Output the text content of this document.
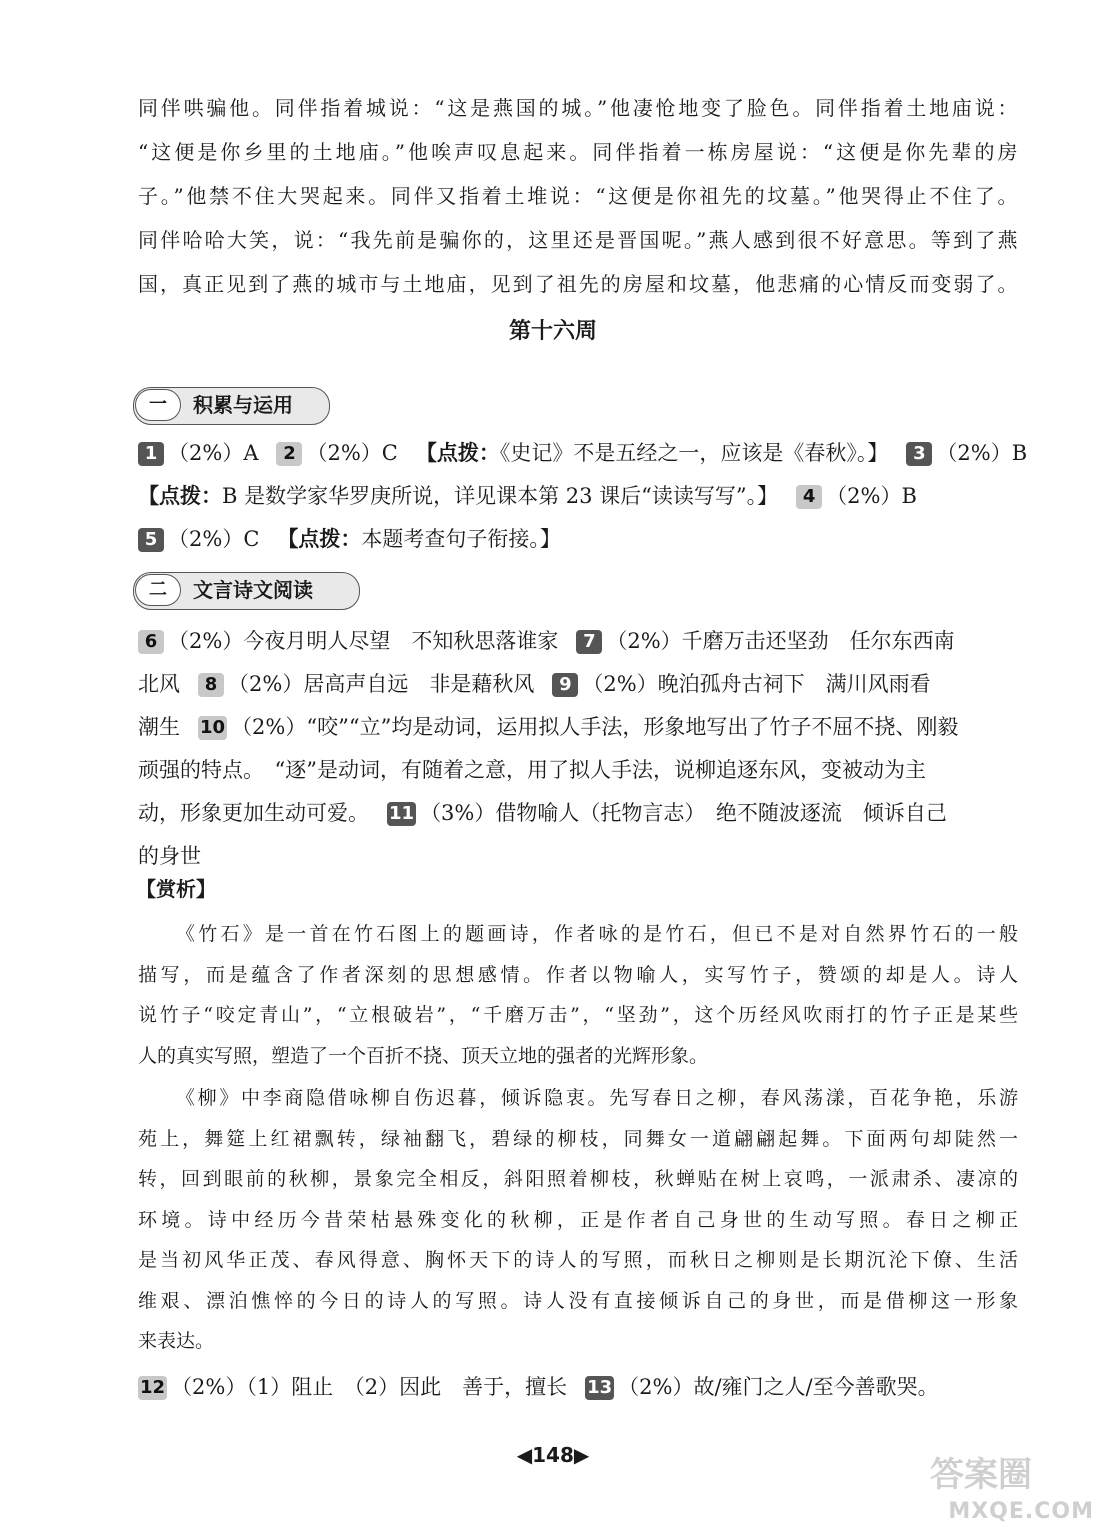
同伴哄骗他。同伴指着城说：“这是燕国的城。”他凄怆地变了脸色。同伴指着土地庙说：
“这便是你乡里的土地庙。”他唉声叹息起来。同伴指着一栋房屋说：“这便是你先辈的房
子。”他禁不住大哭起来。同伴又指着土堆说：“这便是你祖先的坟墓。”他哭得止不住了。
同伴哈哈大笑，说：“我先前是骗你的，这里还是晋国呢。”燕人感到很不好意思。等到了燕
国，真正见到了燕的城市与土地庙，见到了祖先的房屋和坟墓，他悲痛的心情反而变弱了。
第十六周
一	积累与运用
1 （2%）A 2 （2%）C 【点拨：《史记》不是五经之一，应该是《春秋》。】 3 （2%）B
【点拨：B 是数学家华罗庚所说，详见课本第 23 课后“读读写写”。】 4 （2%）B
5 （2%）C 【点拨：本题考查句子衔接。】
二	文言诗文阅读
6 （2%）今夜月明人尽望　不知秋思落谁家 7 （2%）千磨万击还坚劲　任尔东西南
北风 8 （2%）居高声自远　非是藉秋风 9 （2%）晚泊孤舟古祠下　满川风雨看
潮生 10 （2%）“咬”“立”均是动词，运用拟人手法，形象地写出了竹子不屈不挠、刚毅
顽强的特点。　“逐”是动词，有随着之意，用了拟人手法，说柳追逐东风，变被动为主
动，形象更加生动可爱。 11 （3%）借物喻人（托物言志）　绝不随波逐流　倾诉自己
的身世
【赏析】
《竹石》是一首在竹石图上的题画诗，作者咏的是竹石，但已不是对自然界竹石的一般
描写，而是蕴含了作者深刻的思想感情。作者以物喻人，实写竹子，赞颂的却是人。诗人
说竹子“咬定青山”，“立根破岩”，“千磨万击”，“坚劲”，这个历经风吹雨打的竹子正是某些
人的真实写照，塑造了一个百折不挠、顶天立地的强者的光辉形象。
《柳》中李商隐借咏柳自伤迟暮，倾诉隐衷。先写春日之柳，春风荡漾，百花争艳，乐游
苑上，舞筵上红裙飘转，绿袖翻飞，碧绿的柳枝，同舞女一道翩翩起舞。下面两句却陡然一
转，回到眼前的秋柳，景象完全相反，斜阳照着柳枝，秋蝉贴在树上哀鸣，一派肃杀、凄凉的
环境。诗中经历今昔荣枯悬殊变化的秋柳，正是作者自己身世的生动写照。春日之柳正
是当初风华正茂、春风得意、胸怀天下的诗人的写照，而秋日之柳则是长期沉沦下僚、生活
维艰、漂泊憔悴的今日的诗人的写照。诗人没有直接倾诉自己的身世，而是借柳这一形象
来表达。
12 （2%）（1）阻止　（2）因此　善于，擅长 13 （2%）故/雍门之人/至今善歌哭。
◀148▶	答案圈
MXQE.COM
